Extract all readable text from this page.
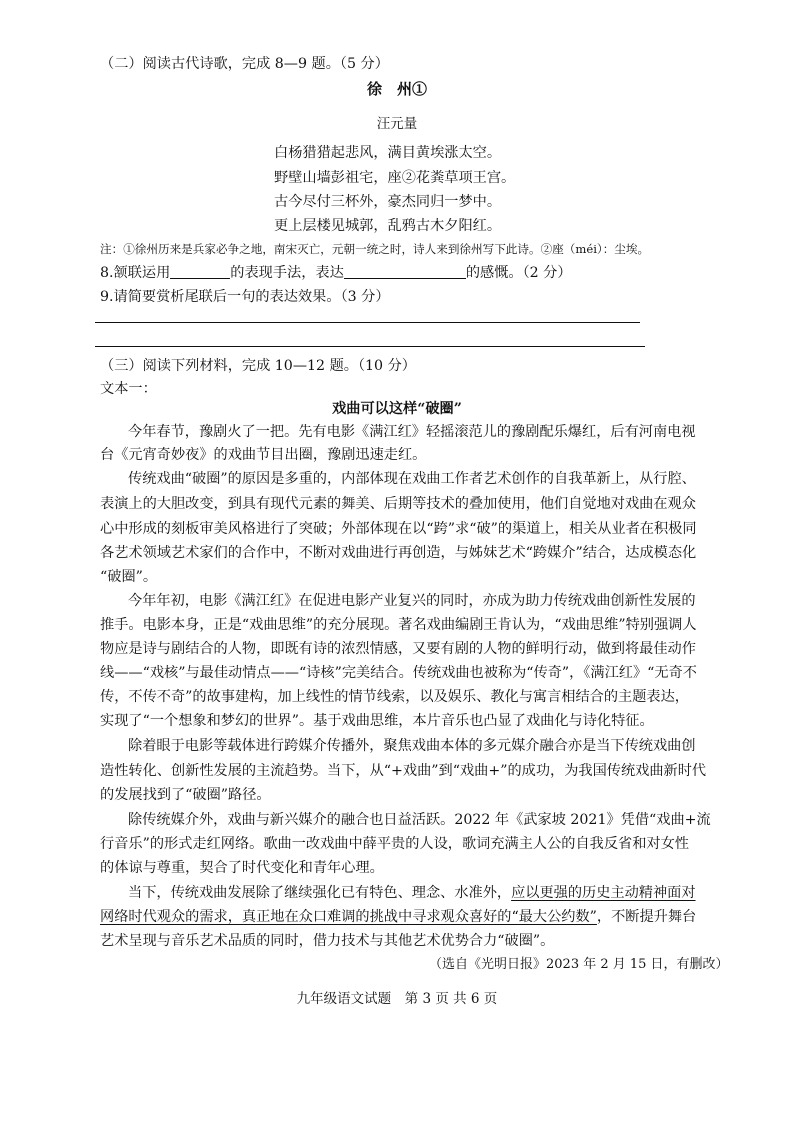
（二）阅读古代诗歌，完成 8—9 题。（5 分）
徐　州①
汪元量
白杨猎猎起悲风，满目黄埃涨太空。
野壁山墙彭祖宅，座②花粪草项王宫。
古今尽付三杯外，豪杰同归一梦中。
更上层楼见城郭，乱鸦古木夕阳红。
注：①徐州历来是兵家必争之地，南宋灭亡，元朝一统之时，诗人来到徐州写下此诗。②座（méi）：尘埃。
8.颔联运用	的表现手法，表达	的感慨。（2 分）
9.请简要赏析尾联后一句的表达效果。（3 分）
（三）阅读下列材料，完成 10—12 题。（10 分）
文本一：
戏曲可以这样“破圈”
今年春节，豫剧火了一把。先有电影《满江红》轻摇滚范儿的豫剧配乐爆红，后有河南电视
台《元宵奇妙夜》的戏曲节目出圈，豫剧迅速走红。
传统戏曲“破圈”的原因是多重的，内部体现在戏曲工作者艺术创作的自我革新上，从行腔、
表演上的大胆改变，到具有现代元素的舞美、后期等技术的叠加使用，他们自觉地对戏曲在观众
心中形成的刻板审美风格进行了突破；外部体现在以“跨”求“破”的渠道上，相关从业者在积极同
各艺术领域艺术家们的合作中，不断对戏曲进行再创造，与姊妹艺术“跨媒介”结合，达成模态化
“破圈”。
今年年初，电影《满江红》在促进电影产业复兴的同时，亦成为助力传统戏曲创新性发展的
推手。电影本身，正是“戏曲思维”的充分展现。著名戏曲编剧王肯认为，“戏曲思维”特别强调人
物应是诗与剧结合的人物，即既有诗的浓烈情感，又要有剧的人物的鲜明行动，做到将最佳动作
线——“戏核”与最佳动情点——“诗核”完美结合。传统戏曲也被称为“传奇”，《满江红》“无奇不
传，不传不奇”的故事建构，加上线性的情节线索，以及娱乐、教化与寓言相结合的主题表达，
实现了“一个想象和梦幻的世界”。基于戏曲思维，本片音乐也凸显了戏曲化与诗化特征。
除着眼于电影等载体进行跨媒介传播外，聚焦戏曲本体的多元媒介融合亦是当下传统戏曲创
造性转化、创新性发展的主流趋势。当下，从“+戏曲”到“戏曲+”的成功，为我国传统戏曲新时代
的发展找到了“破圈”路径。
除传统媒介外，戏曲与新兴媒介的融合也日益活跃。2022 年《武家坡 2021》凭借“戏曲+流
行音乐”的形式走红网络。歌曲一改戏曲中薛平贵的人设，歌词充满主人公的自我反省和对女性
的体谅与尊重，契合了时代变化和青年心理。
当下，传统戏曲发展除了继续强化已有特色、理念、水准外，应以更强的历史主动精神面对
网络时代观众的需求，真正地在众口难调的挑战中寻求观众喜好的“最大公约数”，不断提升舞台
艺术呈现与音乐艺术品质的同时，借力技术与其他艺术优势合力“破圈”。
（选自《光明日报》2023 年 2 月 15 日，有删改）
九年级语文试题　第 3 页 共 6 页
